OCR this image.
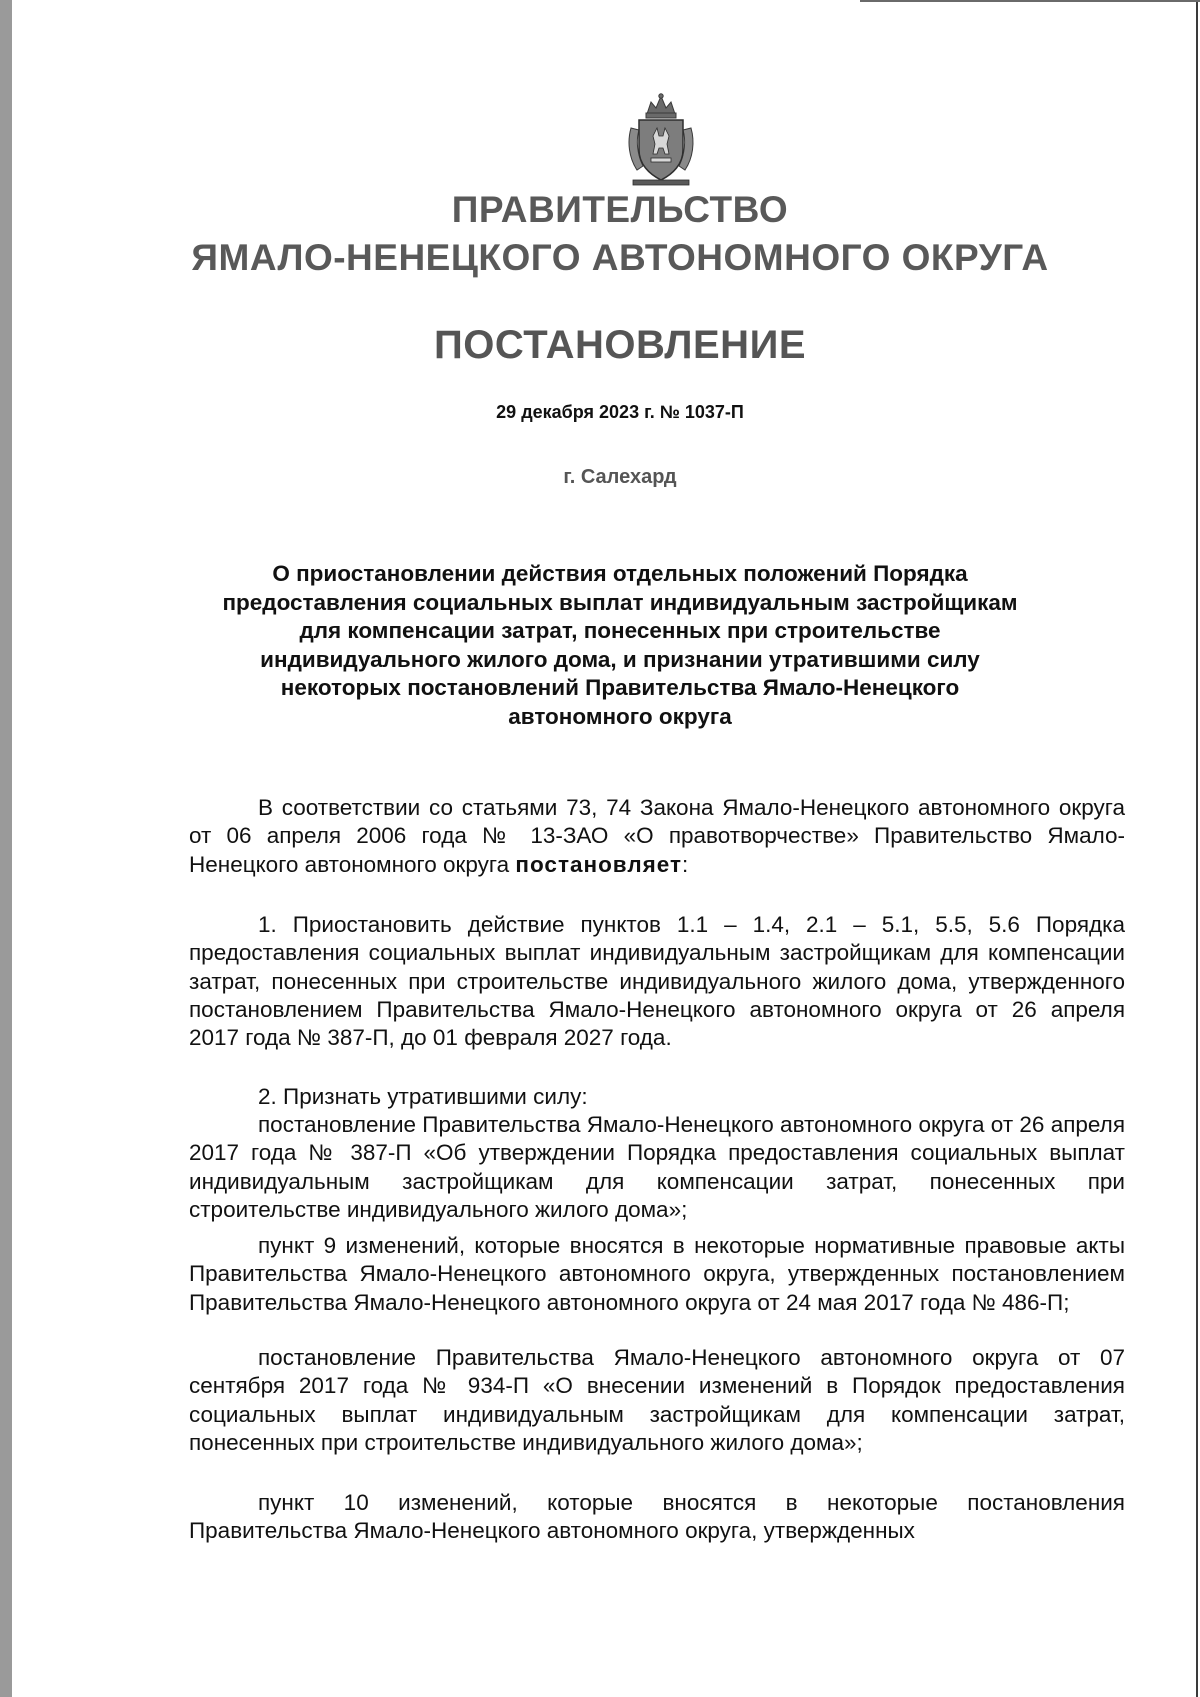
ПРАВИТЕЛЬСТВО
ЯМАЛО-НЕНЕЦКОГО АВТОНОМНОГО ОКРУГА
ПОСТАНОВЛЕНИЕ
29 декабря 2023 г. № 1037-П
г. Салехард
О приостановлении действия отдельных положений Порядка
предоставления социальных выплат индивидуальным застройщикам
для компенсации затрат, понесенных при строительстве
индивидуального жилого дома, и признании утратившими силу
некоторых постановлений Правительства Ямало-Ненецкого
автономного округа

В соответствии со статьями 73, 74 Закона Ямало-Ненецкого автономного округа от 06 апреля 2006 года № 13-ЗАО «О правотворчестве» Правительство Ямало-Ненецкого автономного округа постановляет:

1. Приостановить действие пунктов 1.1 – 1.4, 2.1 – 5.1, 5.5, 5.6 Порядка предоставления социальных выплат индивидуальным застройщикам для компенсации затрат, понесенных при строительстве индивидуального жилого дома, утвержденного постановлением Правительства Ямало-Ненецкого автономного округа от 26 апреля 2017 года № 387-П, до 01 февраля 2027 года.

2. Признать утратившими силу:

постановление Правительства Ямало-Ненецкого автономного округа от 26 апреля 2017 года № 387-П «Об утверждении Порядка предоставления социальных выплат индивидуальным застройщикам для компенсации затрат, понесенных при строительстве индивидуального жилого дома»;

пункт 9 изменений, которые вносятся в некоторые нормативные правовые акты Правительства Ямало-Ненецкого автономного округа, утвержденных постановлением Правительства Ямало-Ненецкого автономного округа от 24 мая 2017 года № 486-П;

постановление Правительства Ямало-Ненецкого автономного округа от 07 сентября 2017 года № 934-П «О внесении изменений в Порядок предоставления социальных выплат индивидуальным застройщикам для компенсации затрат, понесенных при строительстве индивидуального жилого дома»;

пункт 10 изменений, которые вносятся в некоторые постановления Правительства Ямало-Ненецкого автономного округа, утвержденных
